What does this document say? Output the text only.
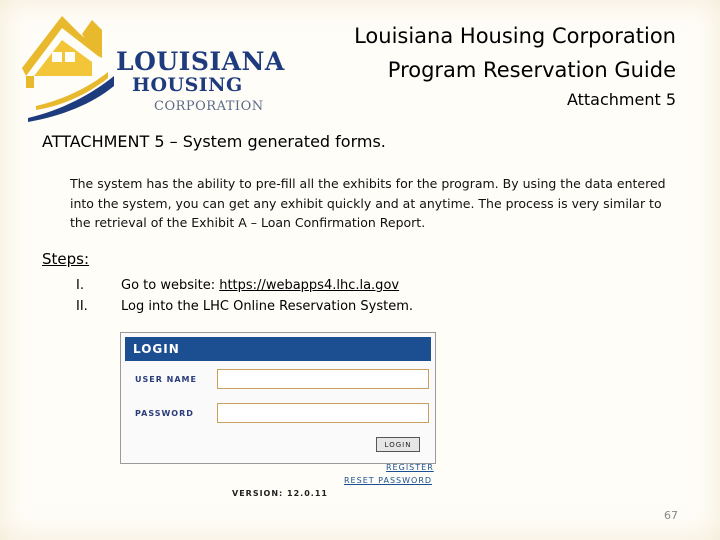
LOUISIANA
HOUSING
CORPORATION
Louisiana Housing Corporation
Program Reservation Guide
Attachment 5
ATTACHMENT 5 – System generated forms.
The system has the ability to pre-fill all the exhibits for the program. By using the data entered into the system, you can get any exhibit quickly and at anytime. The process is very similar to the retrieval of the Exhibit A – Loan Confirmation Report.
Steps:
I.	Go to website: https://webapps4.lhc.la.gov
II.	Log into the LHC Online Reservation System.
LOGIN
USER NAME
PASSWORD
LOGIN
REGISTER
RESET PASSWORD
VERSION: 12.0.11
67
